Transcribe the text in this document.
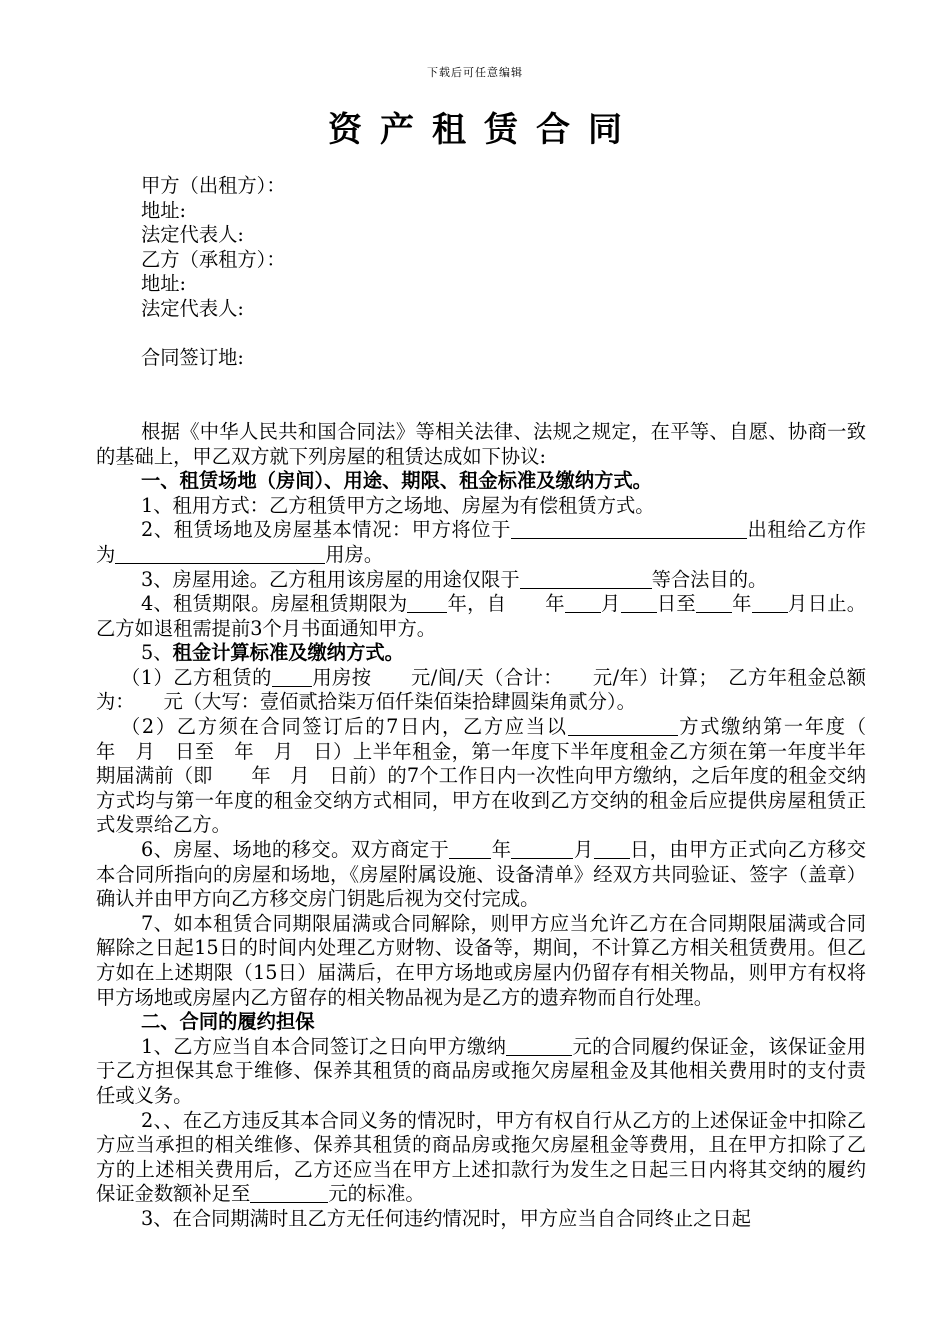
下载后可任意编辑
资产租赁合同

甲方（出租方）：

地址:

法定代表人:

乙方（承租方）：

地址:

法定代表人:

合同签订地:

根据《中华人民共和国合同法》等相关法律、法规之规定，在平等、自愿、协商一致的基础上，甲乙双方就下列房屋的租赁达成如下协议:

一、租赁场地（房间）、用途、期限、租金标准及缴纳方式。

1、租用方式：乙方租赁甲方之场地、房屋为有偿租赁方式。

2、租赁场地及房屋基本情况：甲方将位于	出租给乙方作为	用房。

3、房屋用途。乙方租用该房屋的用途仅限于	等合法目的。

4、租赁期限。房屋租赁期限为 年，自　　 年 月 日至 年 月日止。乙方如退租需提前3个月书面通知甲方。

5、租金计算标准及缴纳方式。

（1）乙方租赁的 用房按　　元/间/天（合计：　　元/年）计算；　乙方年租金总额为：　　元（大写：壹佰贰拾柒万佰仟柒佰柒拾肆圆柒角贰分）。

（2）乙方须在合同签订后的7日内，乙方应当以	方式缴纳第一年度（　　年　月　日至　年　月　日）上半年租金，第一年度下半年度租金乙方须在第一年度半年期届满前（即　　年　月　日前）的7个工作日内一次性向甲方缴纳，之后年度的租金交纳方式均与第一年度的租金交纳方式相同，甲方在收到乙方交纳的租金后应提供房屋租赁正式发票给乙方。

6、房屋、场地的移交。双方商定于 年	月 日，由甲方正式向乙方移交本合同所指向的房屋和场地，《房屋附属设施、设备清单》经双方共同验证、签字（盖章）确认并由甲方向乙方移交房门钥匙后视为交付完成。

7、如本租赁合同期限届满或合同解除，则甲方应当允许乙方在合同期限届满或合同解除之日起15日的时间内处理乙方财物、设备等，期间，不计算乙方相关租赁费用。但乙方如在上述期限（15日）届满后，在甲方场地或房屋内仍留存有相关物品，则甲方有权将甲方场地或房屋内乙方留存的相关物品视为是乙方的遗弃物而自行处理。

二、合同的履约担保

1、乙方应当自本合同签订之日向甲方缴纳	元的合同履约保证金，该保证金用于乙方担保其怠于维修、保养其租赁的商品房或拖欠房屋租金及其他相关费用时的支付责任或义务。

2、、在乙方违反其本合同义务的情况时，甲方有权自行从乙方的上述保证金中扣除乙方应当承担的相关维修、保养其租赁的商品房或拖欠房屋租金等费用，且在甲方扣除了乙方的上述相关费用后，乙方还应当在甲方上述扣款行为发生之日起三日内将其交纳的履约保证金数额补足至	元的标准。

3、在合同期满时且乙方无任何违约情况时，甲方应当自合同终止之日起
